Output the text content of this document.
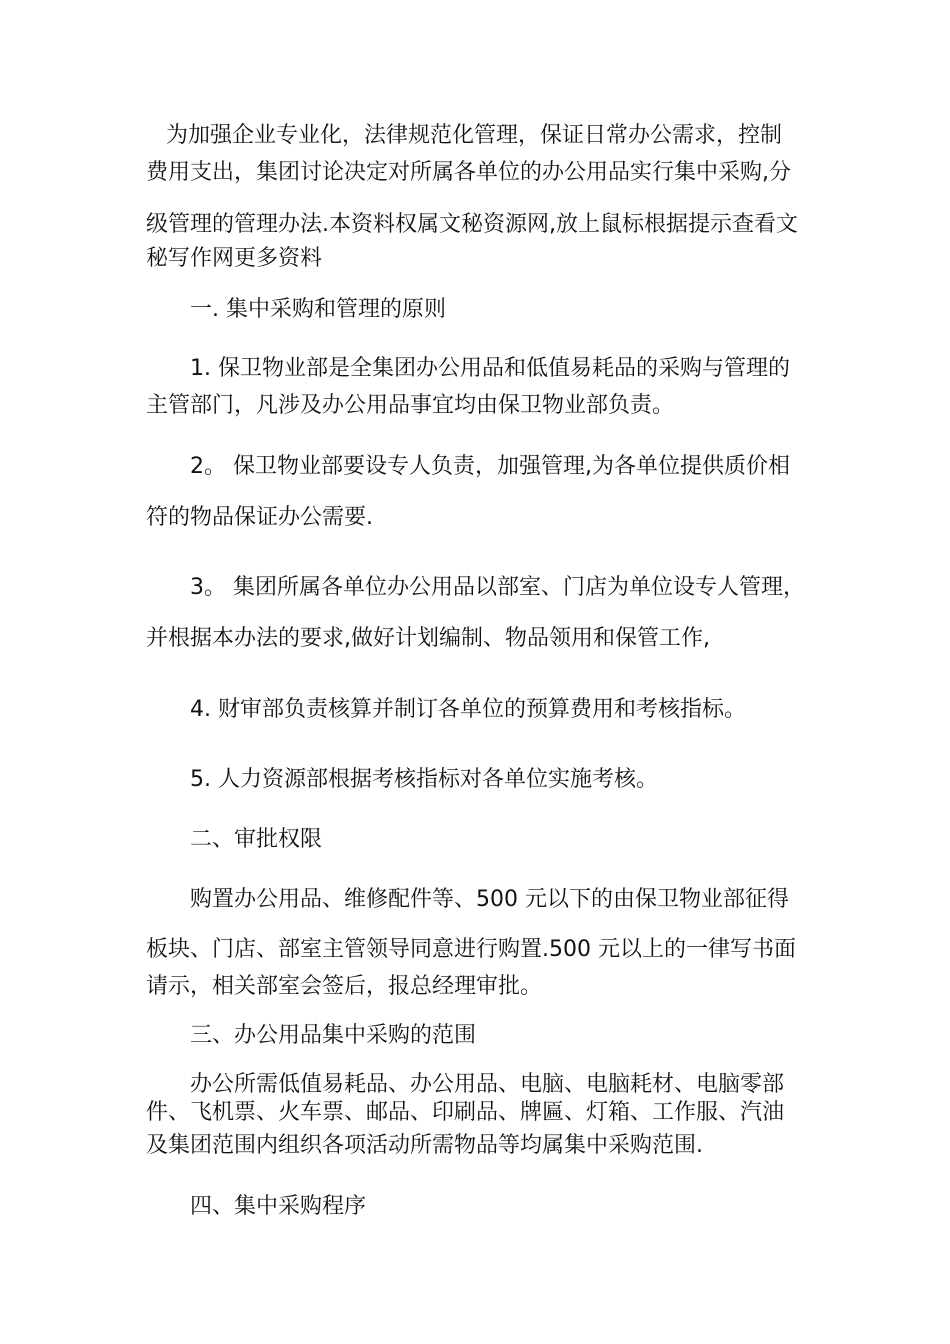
为加强企业专业化，法律规范化管理，保证日常办公需求，控制
费用支出，集团讨论决定对所属各单位的办公用品实行集中采购,分
级管理的管理办法.本资料权属文秘资源网,放上鼠标根据提示查看文
秘写作网更多资料
一. 集中采购和管理的原则
1. 保卫物业部是全集团办公用品和低值易耗品的采购与管理的
主管部门，凡涉及办公用品事宜均由保卫物业部负责。
2。 保卫物业部要设专人负责，加强管理,为各单位提供质价相
符的物品保证办公需要.
3。 集团所属各单位办公用品以部室、门店为单位设专人管理，
并根据本办法的要求,做好计划编制、物品领用和保管工作,
4. 财审部负责核算并制订各单位的预算费用和考核指标。
5. 人力资源部根据考核指标对各单位实施考核。
二、审批权限
购置办公用品、维修配件等、500 元以下的由保卫物业部征得
板块、门店、部室主管领导同意进行购置.500 元以上的一律写书面
请示，相关部室会签后，报总经理审批。
三、办公用品集中采购的范围
办公所需低值易耗品、办公用品、电脑、电脑耗材、电脑零部
件、飞机票、火车票、邮品、印刷品、牌匾、灯箱、工作服、汽油
及集团范围内组织各项活动所需物品等均属集中采购范围.
四、集中采购程序
